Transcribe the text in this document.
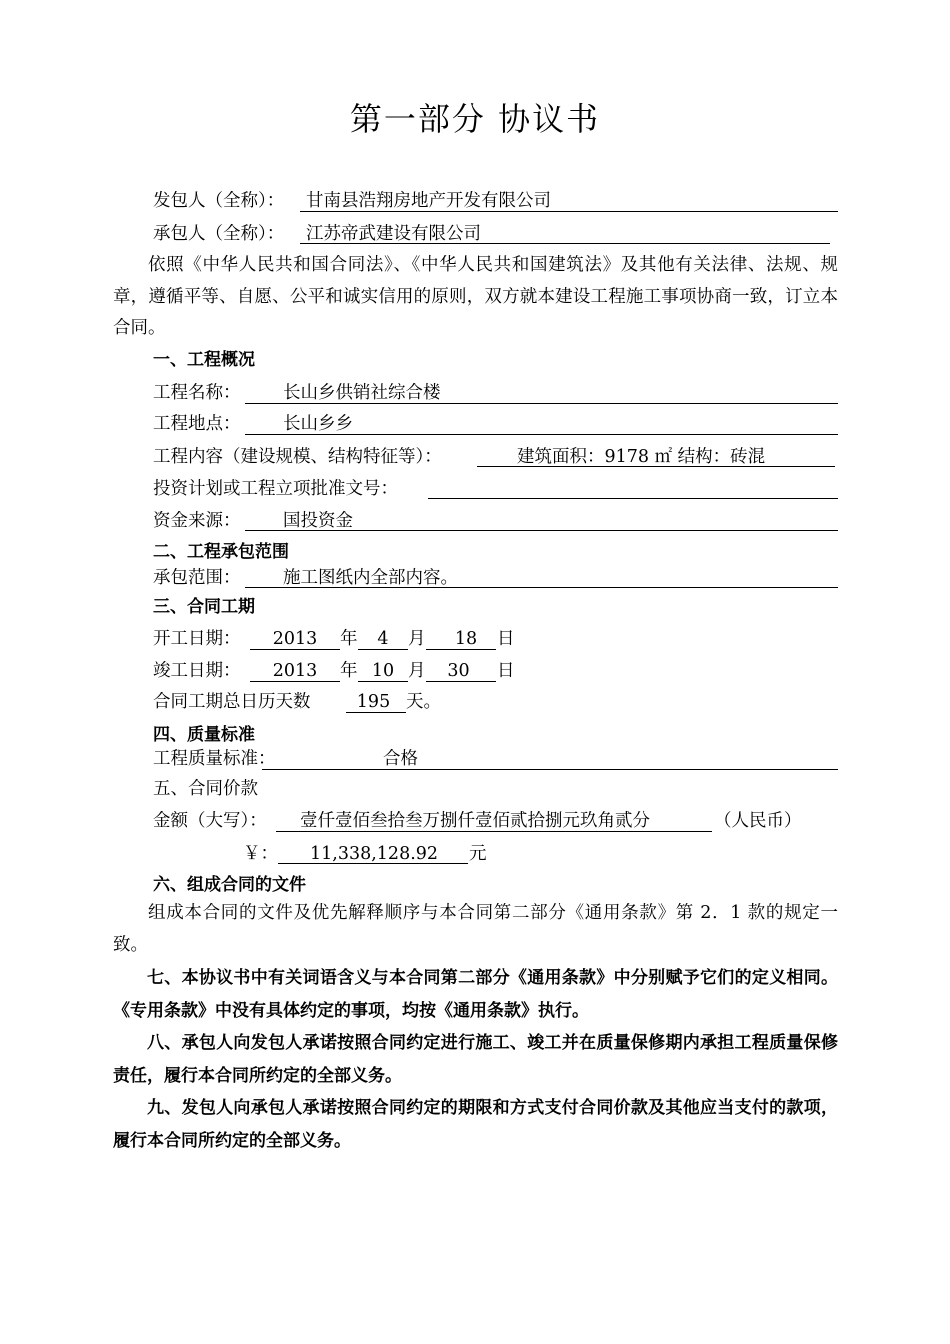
第一部分 协议书
发包人（全称）： 甘南县浩翔房地产开发有限公司
承包人（全称）： 江苏帝武建设有限公司
依照《中华人民共和国合同法》、《中华人民共和国建筑法》及其他有关法律、法规、规章，遵循平等、自愿、公平和诚实信用的原则，双方就本建设工程施工事项协商一致，订立本合同。
一、工程概况
工程名称： 长山乡供销社综合楼
工程地点： 长山乡乡
工程内容（建设规模、结构特征等）：	建筑面积：9178 ㎡ 结构：砖混
投资计划或工程立项批准文号：
资金来源： 国投资金
二、工程承包范围
承包范围： 施工图纸内全部内容。
三、合同工期
开工日期：	2013	年	4	月	18	日
竣工日期：	2013	年 10 月	30	日
合同工期总日历天数	195 天。
四、质量标准
工程质量标准：	合格
五、合同价款
金额（大写）： 壹仟壹佰叁拾叁万捌仟壹佰贰拾捌元玖角贰分	（人民币）
￥： 11,338,128.92 元
六、组成合同的文件
组成本合同的文件及优先解释顺序与本合同第二部分《通用条款》第 2．1 款的规定一致。
七、本协议书中有关词语含义与本合同第二部分《通用条款》中分别赋予它们的定义相同。《专用条款》中没有具体约定的事项，均按《通用条款》执行。
八、承包人向发包人承诺按照合同约定进行施工、竣工并在质量保修期内承担工程质量保修责任，履行本合同所约定的全部义务。
九、发包人向承包人承诺按照合同约定的期限和方式支付合同价款及其他应当支付的款项，履行本合同所约定的全部义务。
